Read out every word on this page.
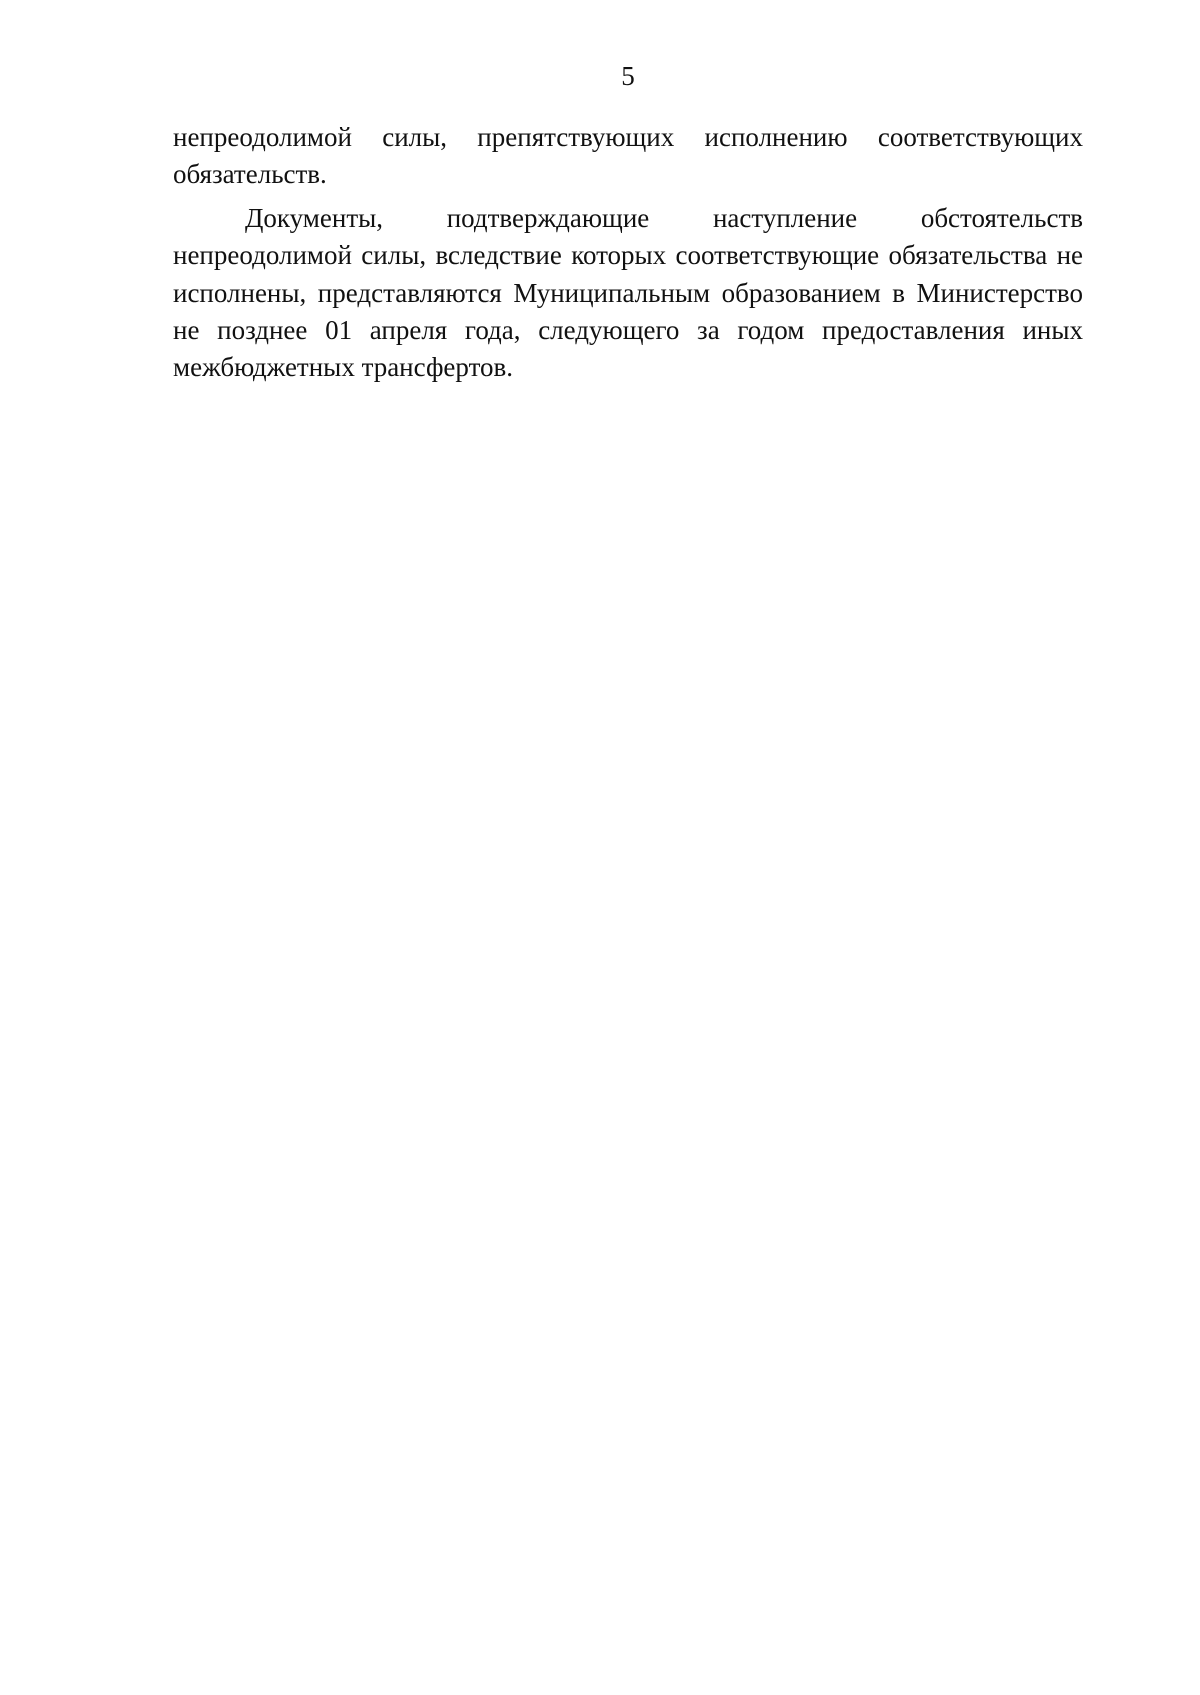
5

непреодолимой силы, препятствующих исполнению соответствующих обязательств.

Документы, подтверждающие наступление обстоятельств непреодолимой силы, вследствие которых соответствующие обязательства не исполнены, представляются Муниципальным образованием в Министерство не позднее 01 апреля года, следующего за годом предоставления иных межбюджетных трансфертов.
